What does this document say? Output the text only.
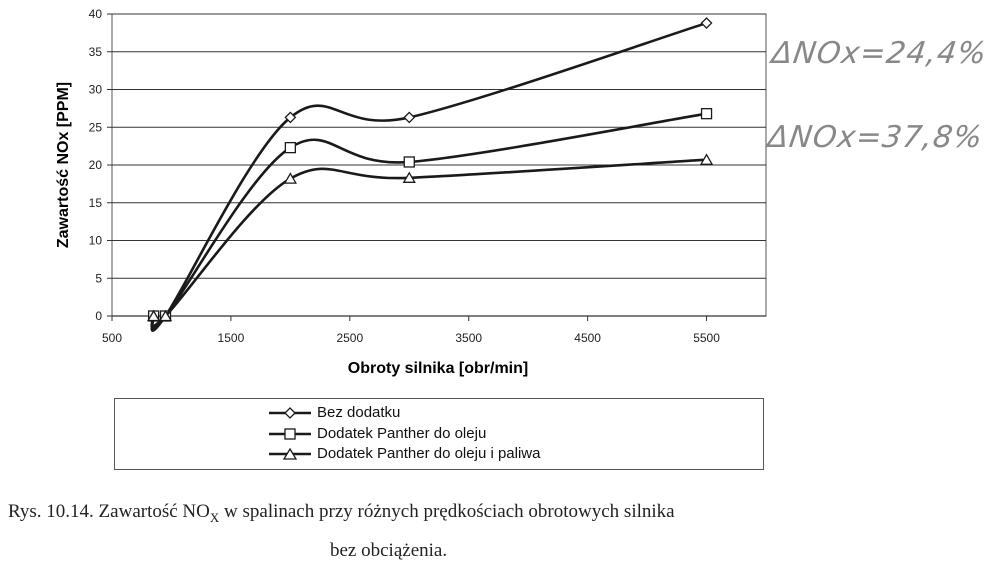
0
5
10
15
20
25
30
35
40
500	1500	2500	3500	4500	5500
Obroty silnika [obr/min]
Zawartość NOx [PPM]
ΔNOx=24,4%
ΔNOx=37,8%
Bez dodatku
Dodatek Panther do oleju
Dodatek Panther do oleju i paliwa
Rys. 10.14. Zawartość $NO_X$ w spalinach przy różnych prędkościach obrotowych silnika
bez obciążenia.
